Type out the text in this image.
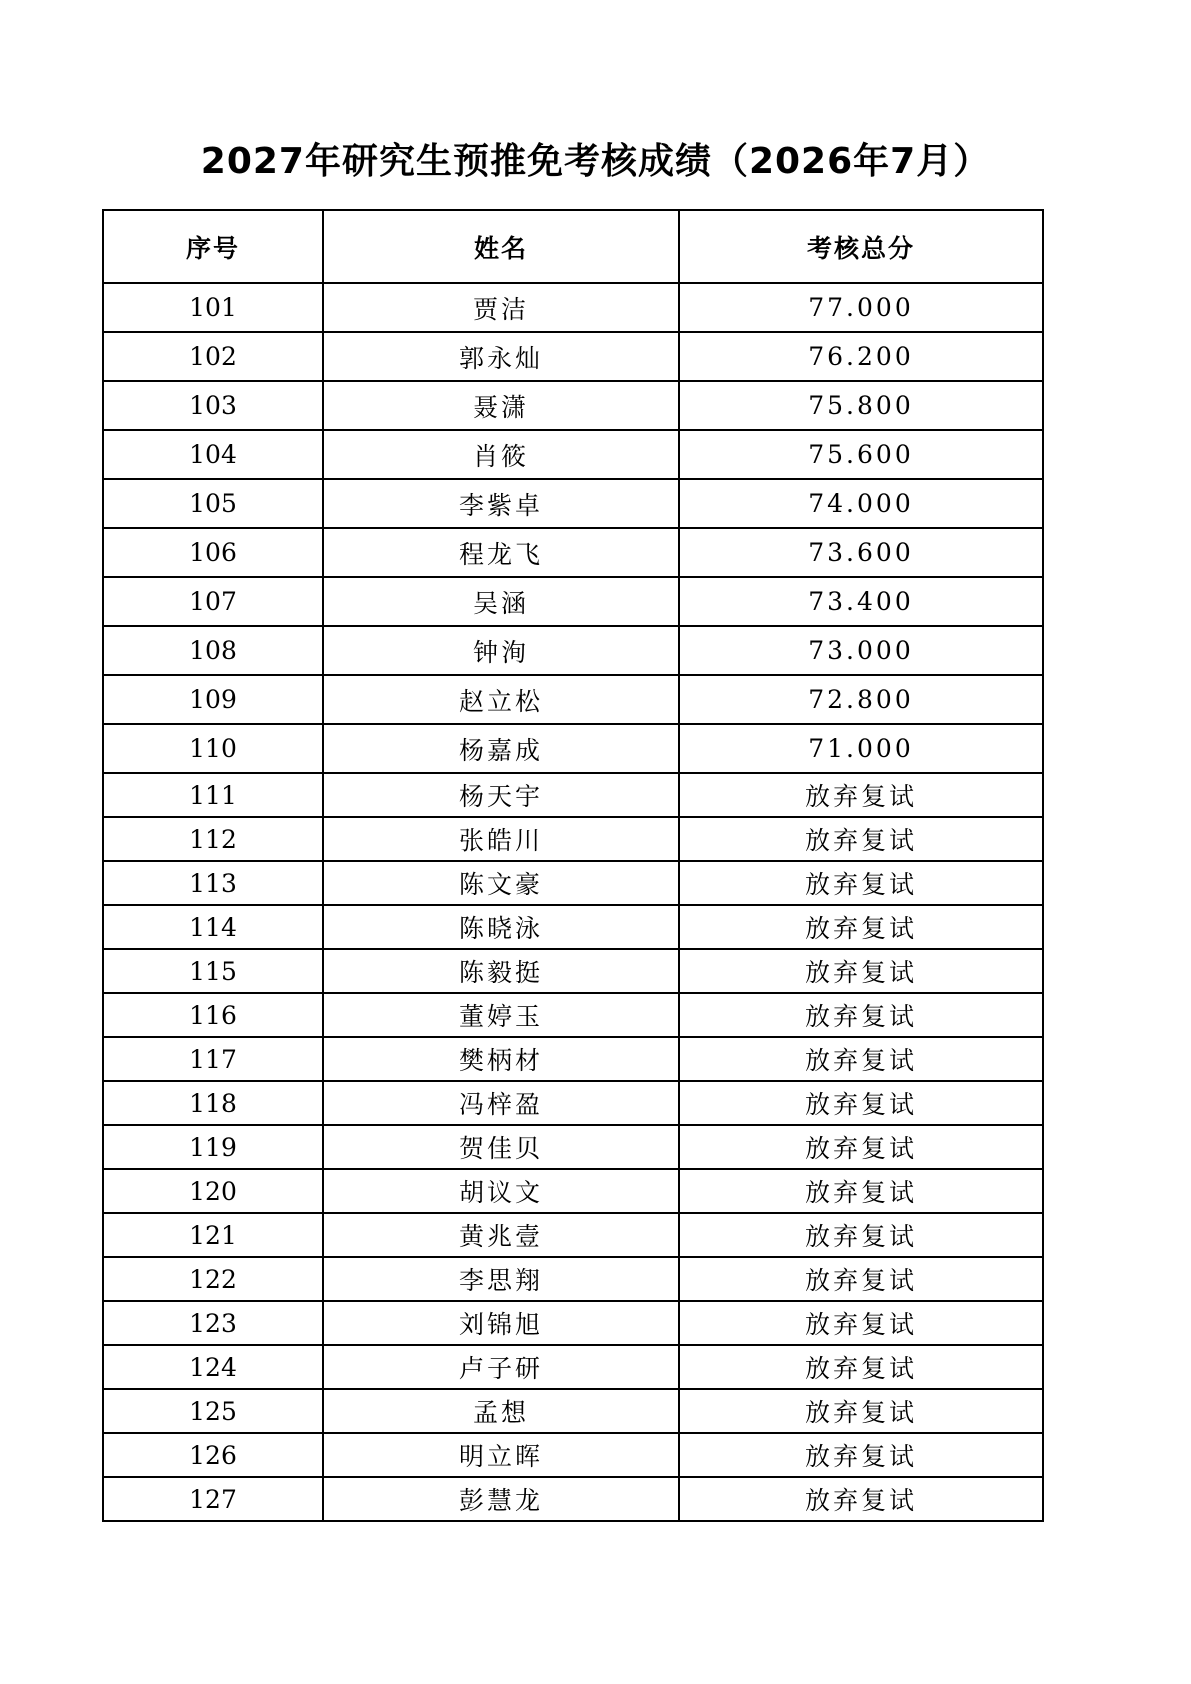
2027年研究生预推免考核成绩（2026年7月）
序号	姓名	考核总分
101	贾洁	77.000
102	郭永灿	76.200
103	聂潇	75.800
104	肖筱	75.600
105	李紫卓	74.000
106	程龙飞	73.600
107	吴涵	73.400
108	钟洵	73.000
109	赵立松	72.800
110	杨嘉成	71.000
111	杨天宇	放弃复试
112	张皓川	放弃复试
113	陈文豪	放弃复试
114	陈晓泳	放弃复试
115	陈毅挺	放弃复试
116	董婷玉	放弃复试
117	樊柄材	放弃复试
118	冯梓盈	放弃复试
119	贺佳贝	放弃复试
120	胡议文	放弃复试
121	黄兆壹	放弃复试
122	李思翔	放弃复试
123	刘锦旭	放弃复试
124	卢子研	放弃复试
125	孟想	放弃复试
126	明立晖	放弃复试
127	彭慧龙	放弃复试
